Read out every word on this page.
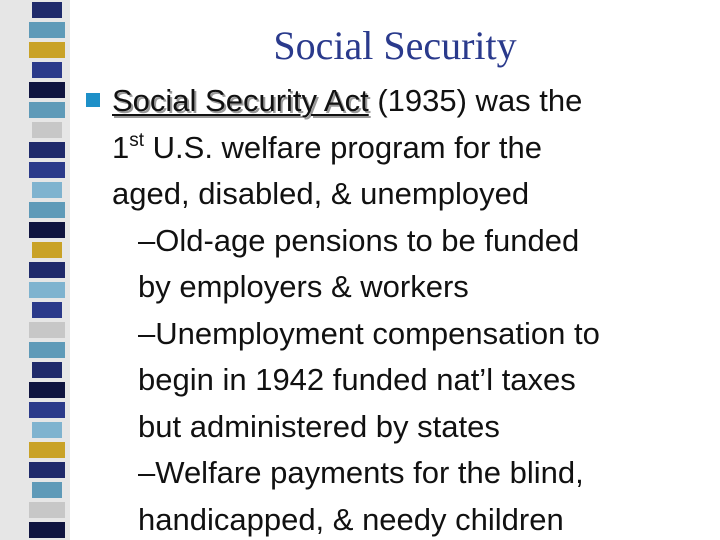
Social Security
Social Security Act (1935) was the
1st U.S. welfare program for the
aged, disabled, & unemployed
–Old-age pensions to be funded
by employers & workers
–Unemployment compensation to
begin in 1942 funded nat’l taxes
but administered by states
–Welfare payments for the blind,
handicapped, & needy children
